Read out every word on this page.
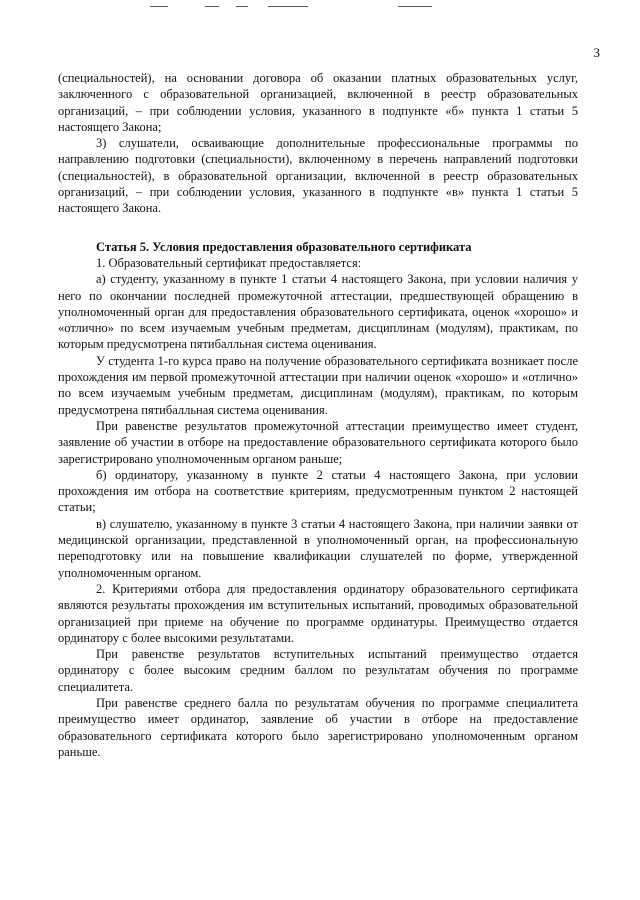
3

(специальностей), на основании договора об оказании платных образовательных услуг, заключенного с образовательной организацией, включенной в реестр образовательных организаций, – при соблюдении условия, указанного в подпункте «б» пункта 1 статьи 5 настоящего Закона;

3) слушатели, осваивающие дополнительные профессиональные программы по направлению подготовки (специальности), включенному в перечень направлений подготовки (специальностей), в образовательной организации, включенной в реестр образовательных организаций, – при соблюдении условия, указанного в подпункте «в» пункта 1 статьи 5 настоящего Закона.

Статья 5. Условия предоставления образовательного сертификата

1. Образовательный сертификат предоставляется:

а) студенту, указанному в пункте 1 статьи 4 настоящего Закона, при условии наличия у него по окончании последней промежуточной аттестации, предшествующей обращению в уполномоченный орган для предоставления образовательного сертификата, оценок «хорошо» и «отлично» по всем изучаемым учебным предметам, дисциплинам (модулям), практикам, по которым предусмотрена пятибалльная система оценивания.

У студента 1-го курса право на получение образовательного сертификата возникает после прохождения им первой промежуточной аттестации при наличии оценок «хорошо» и «отлично» по всем изучаемым учебным предметам, дисциплинам (модулям), практикам, по которым предусмотрена пятибалльная система оценивания.

При равенстве результатов промежуточной аттестации преимущество имеет студент, заявление об участии в отборе на предоставление образовательного сертификата которого было зарегистрировано уполномоченным органом раньше;

б) ординатору, указанному в пункте 2 статьи 4 настоящего Закона, при условии прохождения им отбора на соответствие критериям, предусмотренным пунктом 2 настоящей статьи;

в) слушателю, указанному в пункте 3 статьи 4 настоящего Закона, при наличии заявки от медицинской организации, представленной в уполномоченный орган, на профессиональную переподготовку или на повышение квалификации слушателей по форме, утвержденной уполномоченным органом.

2. Критериями отбора для предоставления ординатору образовательного сертификата являются результаты прохождения им вступительных испытаний, проводимых образовательной организацией при приеме на обучение по программе ординатуры. Преимущество отдается ординатору с более высокими результатами.

При равенстве результатов вступительных испытаний преимущество отдается ординатору с более высоким средним баллом по результатам обучения по программе специалитета.

При равенстве среднего балла по результатам обучения по программе специалитета преимущество имеет ординатор, заявление об участии в отборе на предоставление образовательного сертификата которого было зарегистрировано уполномоченным органом раньше.
